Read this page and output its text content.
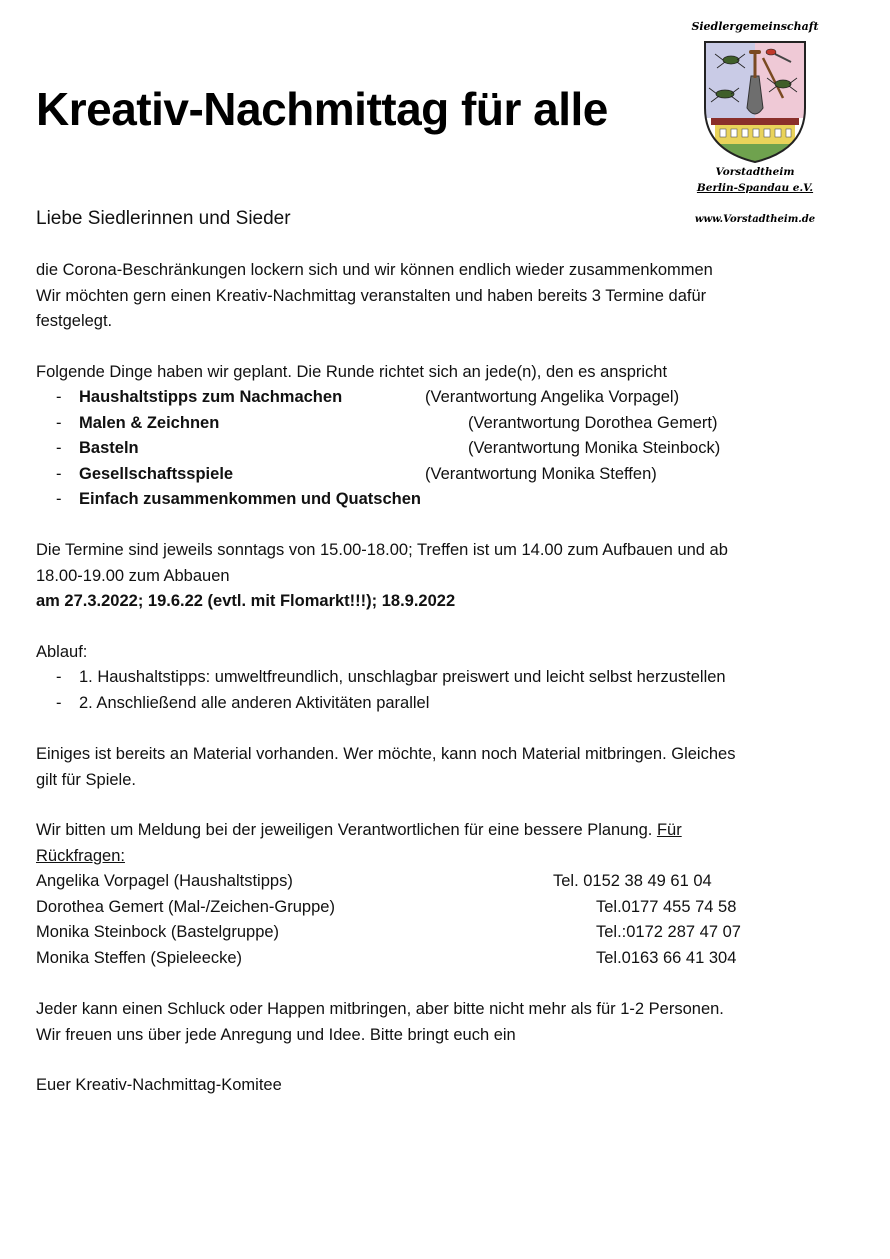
Kreativ-Nachmittag für alle
Siedlergemeinschaft
Vorstadtheim
Berlin-Spandau e.V.
www.Vorstadtheim.de

Liebe Siedlerinnen und Sieder

die Corona-Beschränkungen lockern sich und wir können endlich wieder zusammenkommen
Wir möchten gern einen Kreativ-Nachmittag veranstalten und haben bereits 3 Termine dafür
festgelegt.
Folgende Dinge haben wir geplant. Die Runde richtet sich an jede(n), den es anspricht
- Haushaltstipps zum Nachmachen	(Verantwortung Angelika Vorpagel)
- Malen & Zeichnen	(Verantwortung Dorothea Gemert)
- Basteln	(Verantwortung Monika Steinbock)
- Gesellschaftsspiele	(Verantwortung Monika Steffen)
- Einfach zusammenkommen und Quatschen
Die Termine sind jeweils sonntags von 15.00-18.00; Treffen ist um 14.00 zum Aufbauen und ab
18.00-19.00 zum Abbauen
am 27.3.2022; 19.6.22 (evtl. mit Flomarkt!!!); 18.9.2022
Ablauf:
- 1. Haushaltstipps: umweltfreundlich, unschlagbar preiswert und leicht selbst herzustellen
- 2. Anschließend alle anderen Aktivitäten parallel
Einiges ist bereits an Material vorhanden. Wer möchte, kann noch Material mitbringen. Gleiches
gilt für Spiele.
Wir bitten um Meldung bei der jeweiligen Verantwortlichen für eine bessere Planung. Für
Rückfragen:
Angelika Vorpagel (Haushaltstipps)	Tel. 0152 38 49 61 04
Dorothea Gemert (Mal-/Zeichen-Gruppe)	Tel.0177 455 74 58
Monika Steinbock (Bastelgruppe)	Tel.:0172 287 47 07
Monika Steffen (Spieleecke)	Tel.0163 66 41 304
Jeder kann einen Schluck oder Happen mitbringen, aber bitte nicht mehr als für 1-2 Personen.
Wir freuen uns über jede Anregung und Idee. Bitte bringt euch ein
Euer Kreativ-Nachmittag-Komitee
